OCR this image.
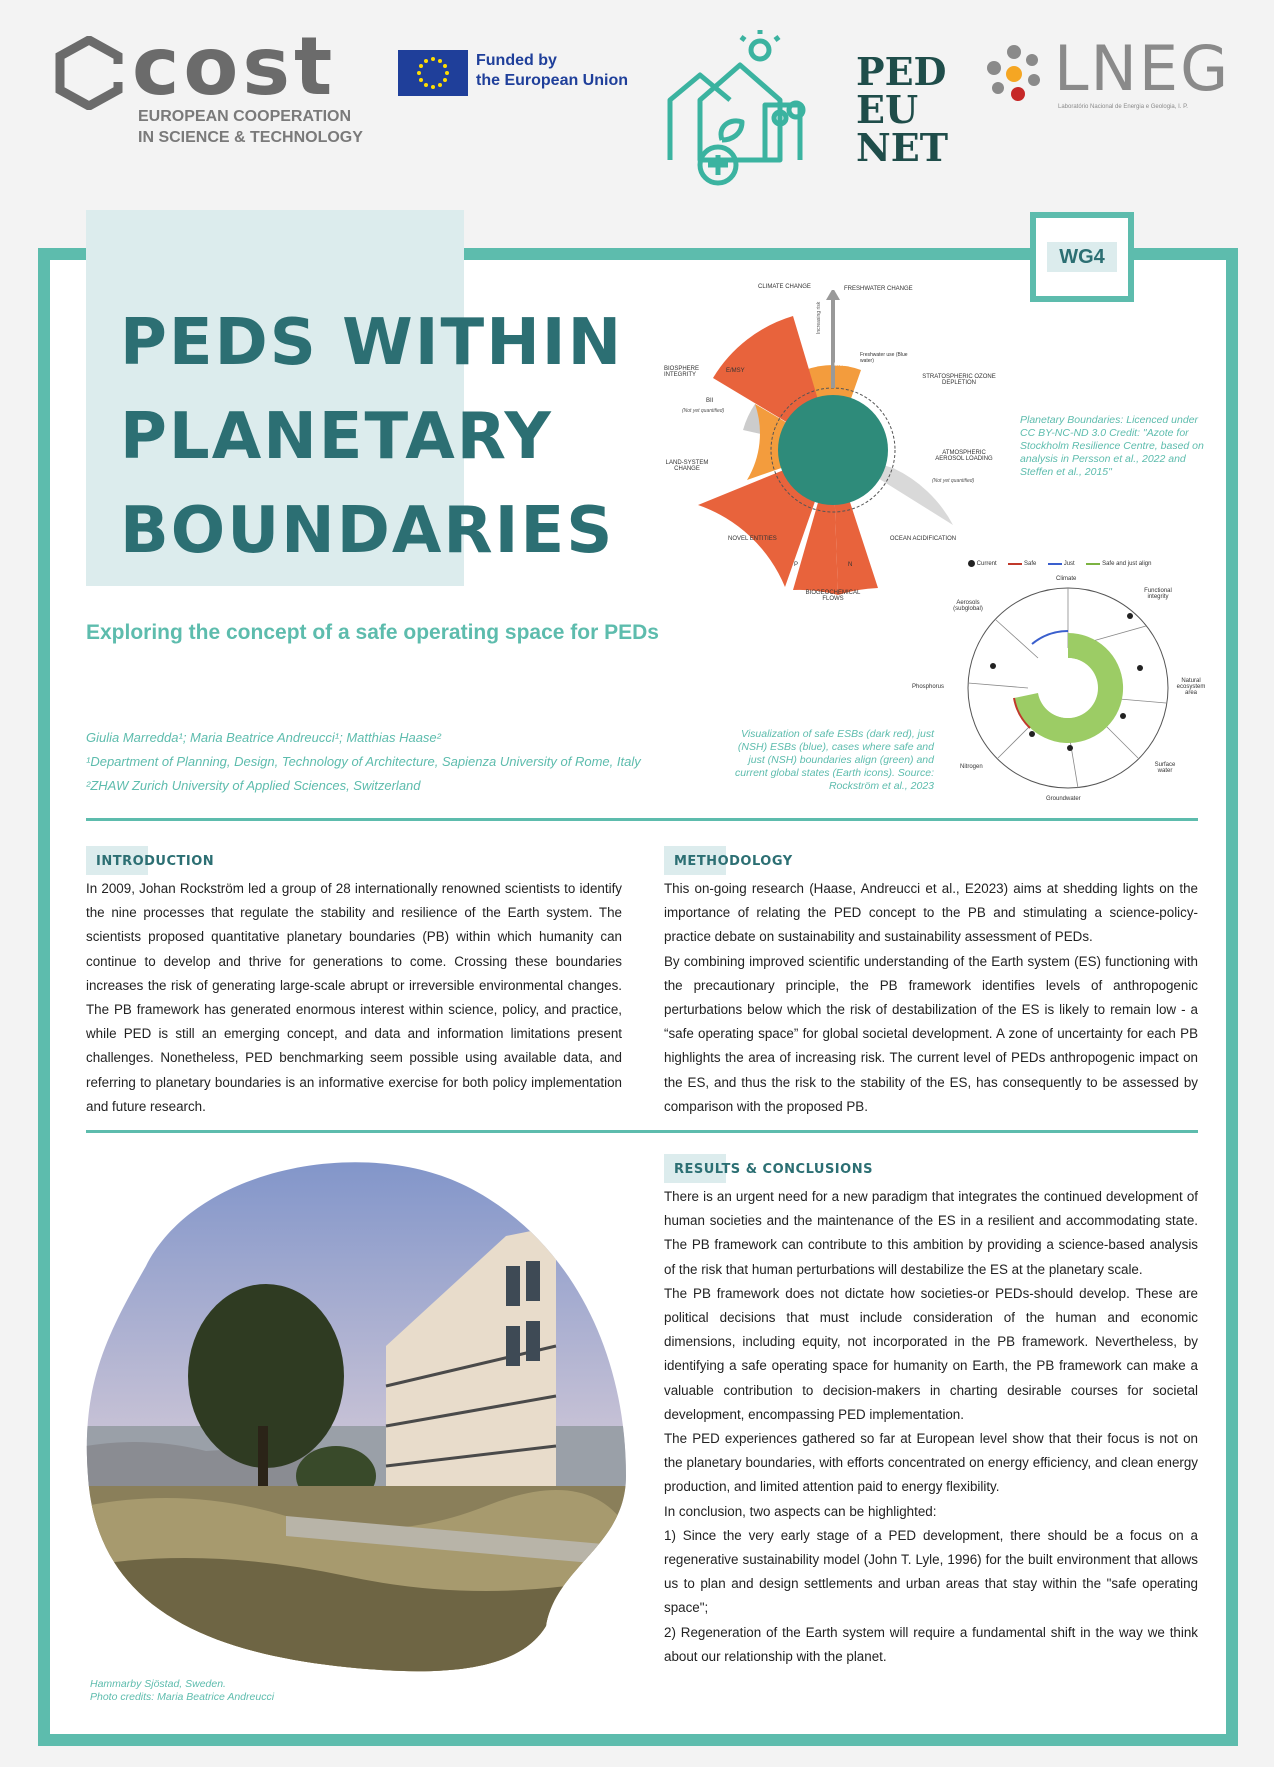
cost
EUROPEAN COOPERATION
IN SCIENCE & TECHNOLOGY
Funded by
the European Union	PED
EU
NET
LNEG
Laboratório Nacional de Energia e Geologia, I. P.
WG4
PEDS WITHIN
PLANETARY
BOUNDARIES
Exploring the concept of a safe operating space for PEDs
Giulia Marredda¹; Maria Beatrice Andreucci¹; Matthias Haase²
¹Department of Planning, Design, Technology of Architecture, Sapienza University of Rome, Italy
²ZHAW Zurich University of Applied Sciences, Switzerland
CLIMATE CHANGE	FRESHWATER CHANGE
STRATOSPHERIC OZONE DEPLETION
ATMOSPHERIC AEROSOL LOADING
(Not yet quantified)
OCEAN ACIDIFICATION
BIOGEOCHEMICAL FLOWS
NOVEL ENTITIES
LAND-SYSTEM CHANGE
BIOSPHERE INTEGRITY
BII
(Not yet quantified)
E/MSY
Green water
Freshwater use (Blue water)
P	N
Increasing risk
Planetary Boundaries: Licenced under CC BY-NC-ND 3.0 Credit: "Azote for Stockholm Resilience Centre, based on analysis in Persson et al., 2022 and Steffen et al., 2015"
Current	Safe	Just	Safe and just align
Climate
Functional integrity
Natural ecosystem area
Surface water
Groundwater
Nitrogen
Phosphorus
Aerosols (subglobal)
Visualization of safe ESBs (dark red), just (NSH) ESBs (blue), cases where safe and just (NSH) boundaries align (green) and current global states (Earth icons). Source: Rockström et al., 2023
INTRODUCTION
In 2009, Johan Rockström led a group of 28 internationally renowned scientists to identify the nine processes that regulate the stability and resilience of the Earth system. The scientists proposed quantitative planetary boundaries (PB) within which humanity can continue to develop and thrive for generations to come. Crossing these boundaries increases the risk of generating large-scale abrupt or irreversible environmental changes. The PB framework has generated enormous interest within science, policy, and practice, while PED is still an emerging concept, and data and information limitations present challenges. Nonetheless, PED benchmarking seem possible using available data, and referring to planetary boundaries is an informative exercise for both policy implementation and future research.
METHODOLOGY
This on-going research (Haase, Andreucci et al., E2023) aims at shedding lights on the importance of relating the PED concept to the PB and stimulating a science-policy-practice debate on sustainability and sustainability assessment of PEDs.
By combining improved scientific understanding of the Earth system (ES) functioning with the precautionary principle, the PB framework identifies levels of anthropogenic perturbations below which the risk of destabilization of the ES is likely to remain low - a “safe operating space” for global societal development. A zone of uncertainty for each PB highlights the area of increasing risk. The current level of PEDs anthropogenic impact on the ES, and thus the risk to the stability of the ES, has consequently to be assessed by comparison with the proposed PB.
Hammarby Sjöstad, Sweden.
Photo credits: Maria Beatrice Andreucci
RESULTS & CONCLUSIONS
There is an urgent need for a new paradigm that integrates the continued development of human societies and the maintenance of the ES in a resilient and accommodating state. The PB framework can contribute to this ambition by providing a science-based analysis of the risk that human perturbations will destabilize the ES at the planetary scale.
The PB framework does not dictate how societies-or PEDs-should develop. These are political decisions that must include consideration of the human and economic dimensions, including equity, not incorporated in the PB framework. Nevertheless, by identifying a safe operating space for humanity on Earth, the PB framework can make a valuable contribution to decision-makers in charting desirable courses for societal development, encompassing PED implementation.
The PED experiences gathered so far at European level show that their focus is not on the planetary boundaries, with efforts concentrated on energy efficiency, and clean energy production, and limited attention paid to energy flexibility.
In conclusion, two aspects can be highlighted:
1) Since the very early stage of a PED development, there should be a focus on a regenerative sustainability model (John T. Lyle, 1996) for the built environment that allows us to plan and design settlements and urban areas that stay within the "safe operating space";
2) Regeneration of the Earth system will require a fundamental shift in the way we think about our relationship with the planet.
